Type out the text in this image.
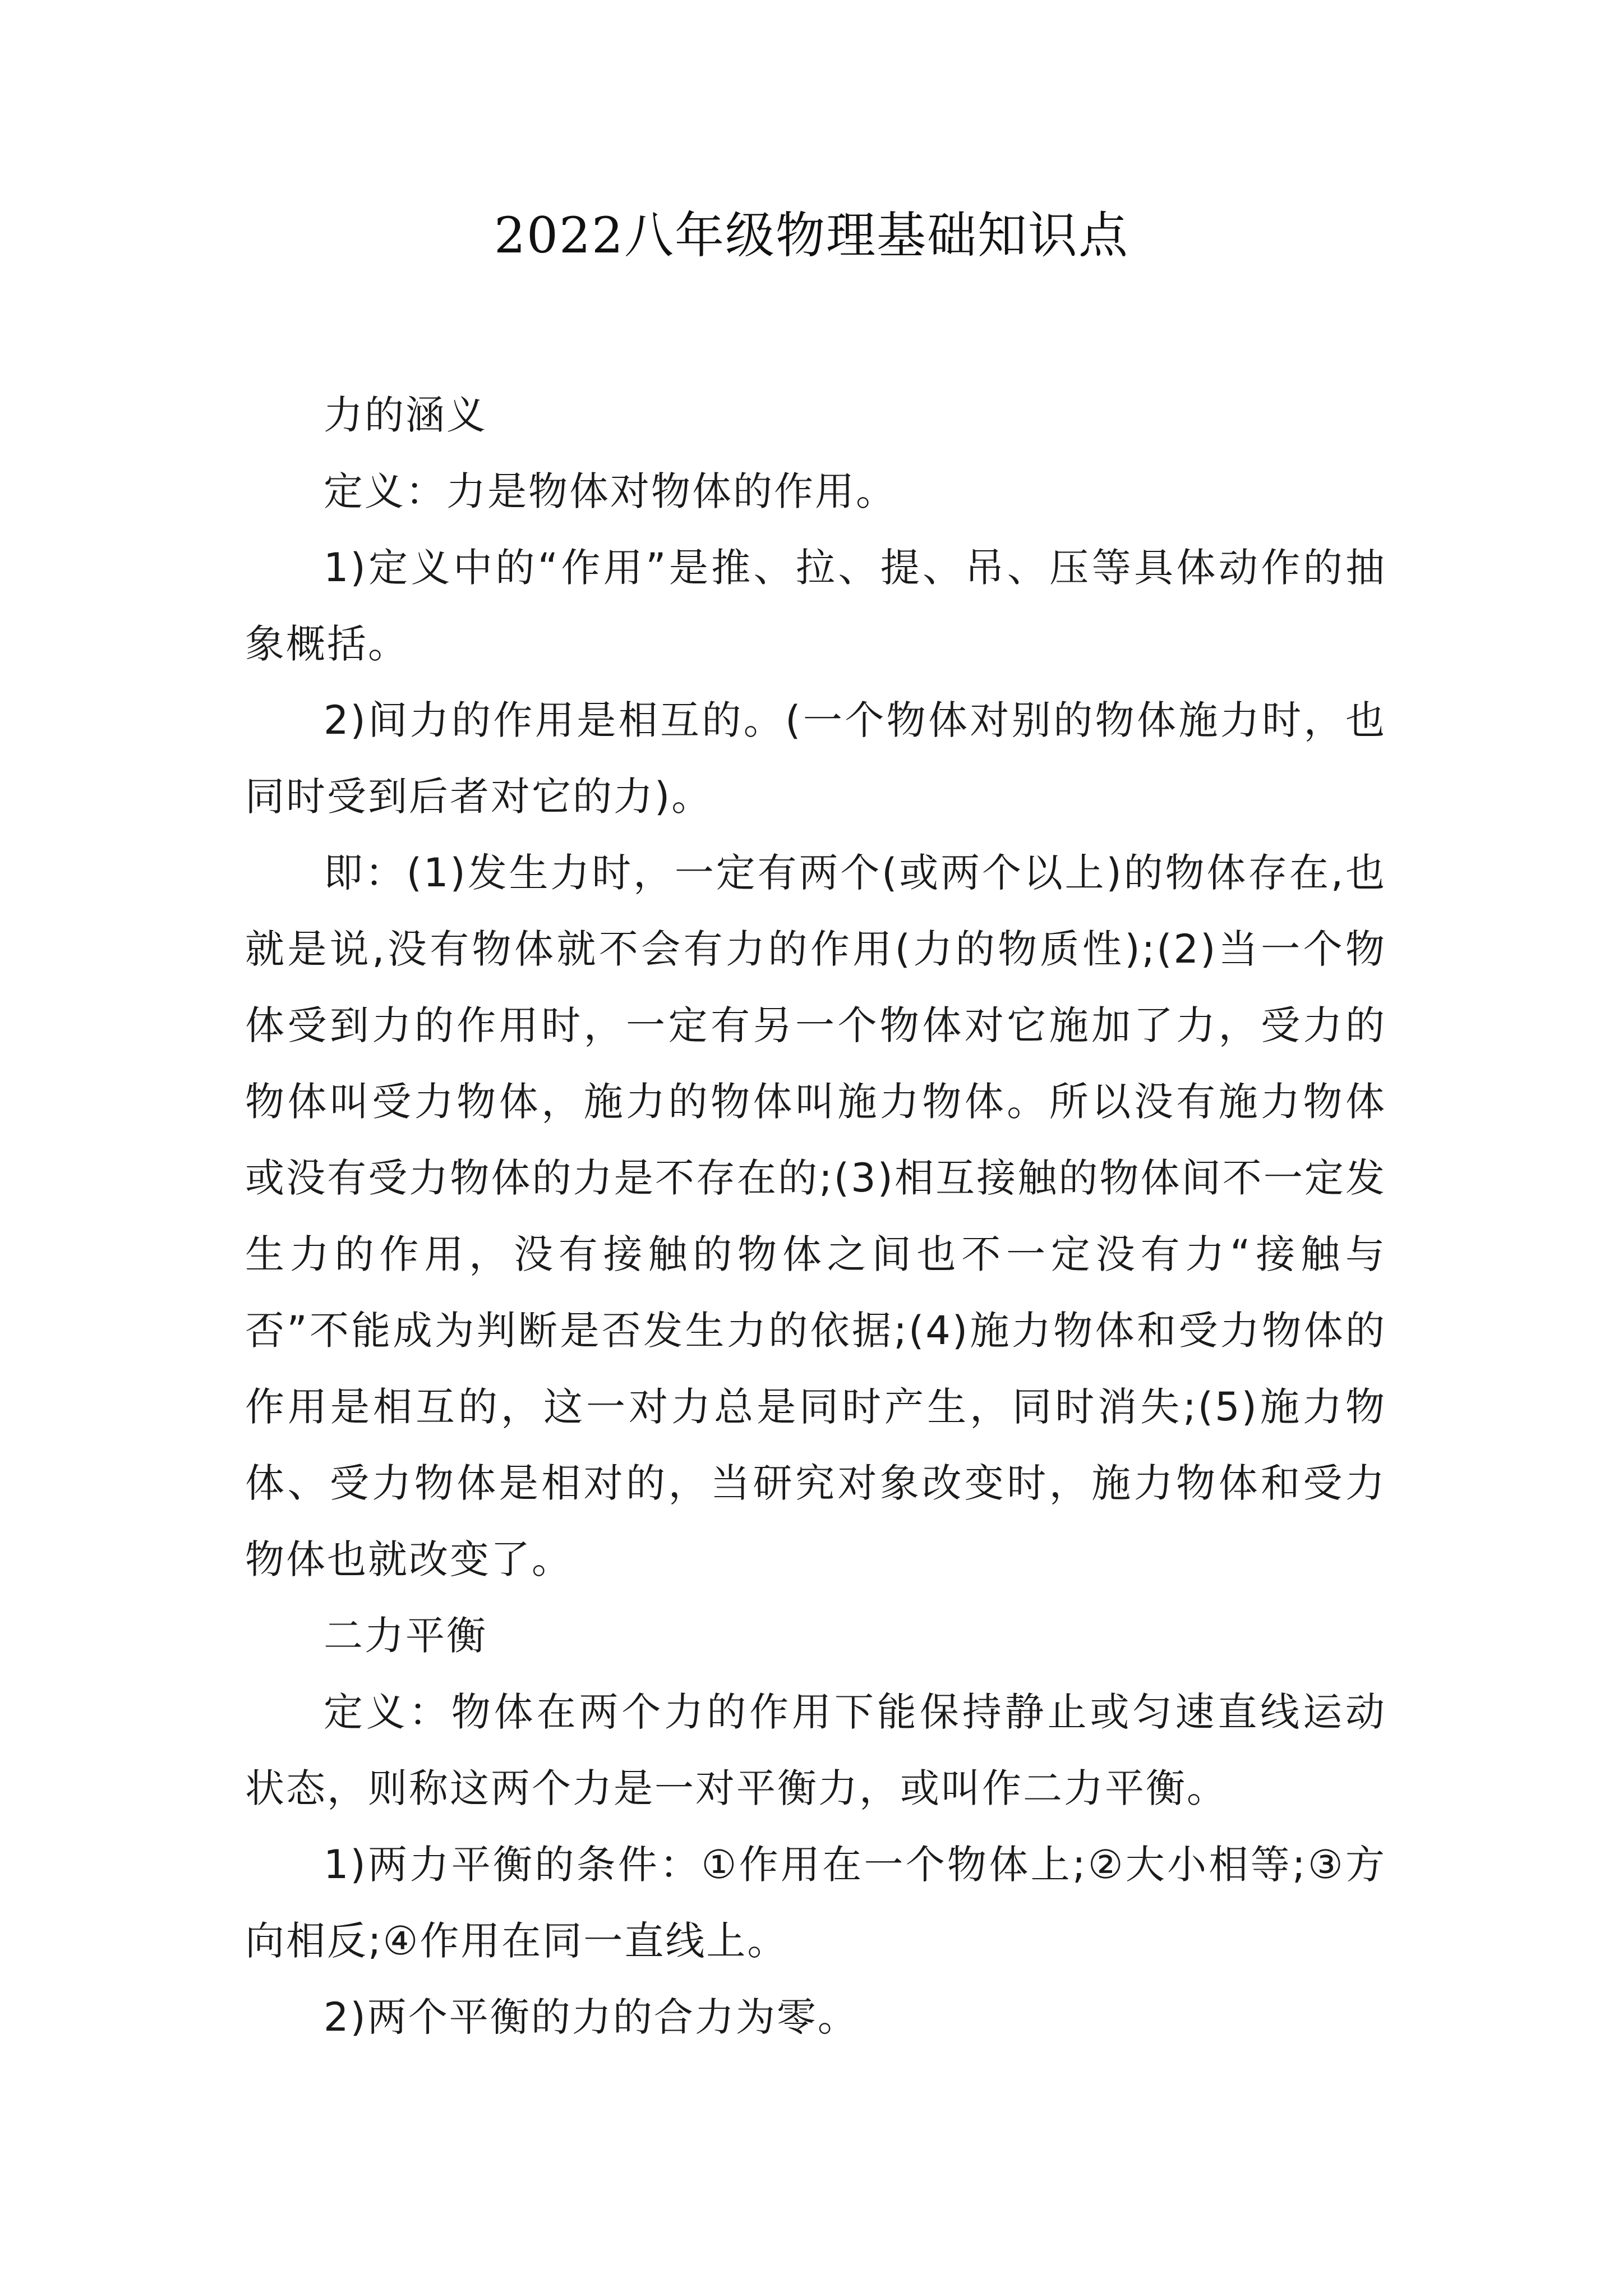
2022八年级物理基础知识点

力的涵义

定义：力是物体对物体的作用。

1)定义中的“作用”是推、拉、提、吊、压等具体动作的抽象概括。

2)间力的作用是相互的。(一个物体对别的物体施力时，也同时受到后者对它的力)。

即：(1)发生力时，一定有两个(或两个以上)的物体存在,也就是说,没有物体就不会有力的作用(力的物质性);(2)当一个物体受到力的作用时，一定有另一个物体对它施加了力，受力的物体叫受力物体，施力的物体叫施力物体。所以没有施力物体或没有受力物体的力是不存在的;(3)相互接触的物体间不一定发生力的作用，没有接触的物体之间也不一定没有力“接触与否”不能成为判断是否发生力的依据;(4)施力物体和受力物体的作用是相互的，这一对力总是同时产生，同时消失;(5)施力物体、受力物体是相对的，当研究对象改变时，施力物体和受力物体也就改变了。

二力平衡

定义：物体在两个力的作用下能保持静止或匀速直线运动状态，则称这两个力是一对平衡力，或叫作二力平衡。

1)两力平衡的条件：①作用在一个物体上;②大小相等;③方向相反;④作用在同一直线上。

2)两个平衡的力的合力为零。
